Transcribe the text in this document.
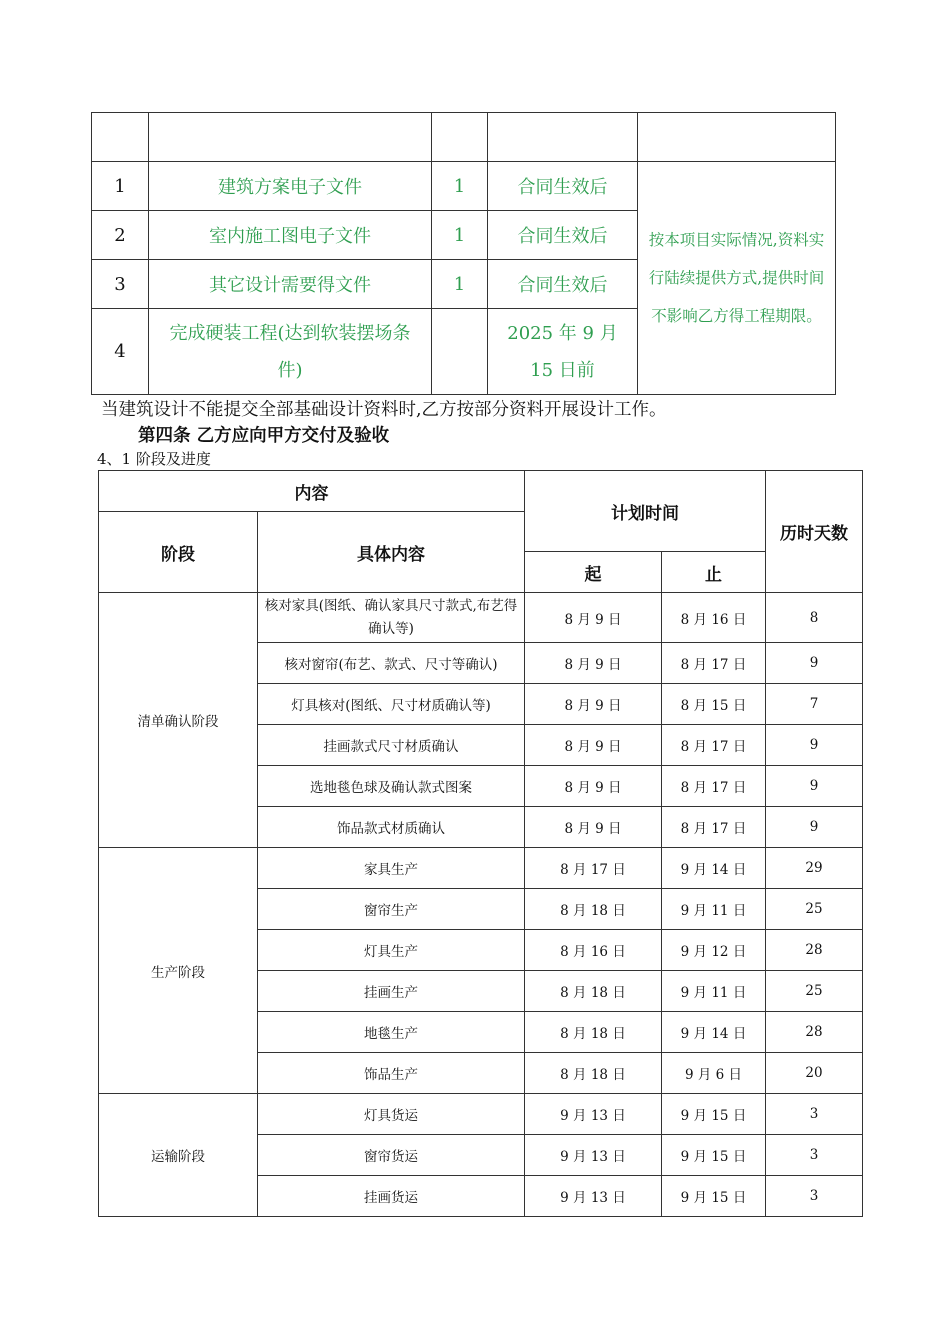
1	建筑方案电子文件	1	合同生效后	按本项目实际情况,资料实行陆续提供方式,提供时间不影响乙方得工程期限。
2	室内施工图电子文件	1	合同生效后	
3	其它设计需要得文件	1	合同生效后	
4	完成硬装工程(达到软装摆场条件)		2025 年 9 月 15 日前	

当建筑设计不能提交全部基础设计资料时,乙方按部分资料开展设计工作。

第四条 乙方应向甲方交付及验收

4、1 阶段及进度

内容		计划时间		历时天数
阶段	具体内容			
		起	止	
清单确认阶段	核对家具(图纸、确认家具尺寸款式,布艺得确认等)	8 月 9 日	8 月 16 日	8
	核对窗帘(布艺、款式、尺寸等确认)	8 月 9 日	8 月 17 日	9
	灯具核对(图纸、尺寸材质确认等)	8 月 9 日	8 月 15 日	7
	挂画款式尺寸材质确认	8 月 9 日	8 月 17 日	9
	选地毯色球及确认款式图案	8 月 9 日	8 月 17 日	9
	饰品款式材质确认	8 月 9 日	8 月 17 日	9
生产阶段	家具生产	8 月 17 日	9 月 14 日	29
	窗帘生产	8 月 18 日	9 月 11 日	25
	灯具生产	8 月 16 日	9 月 12 日	28
	挂画生产	8 月 18 日	9 月 11 日	25
	地毯生产	8 月 18 日	9 月 14 日	28
	饰品生产	8 月 18 日	9 月 6 日	20
运输阶段	灯具货运	9 月 13 日	9 月 15 日	3
	窗帘货运	9 月 13 日	9 月 15 日	3
	挂画货运	9 月 13 日	9 月 15 日	3
